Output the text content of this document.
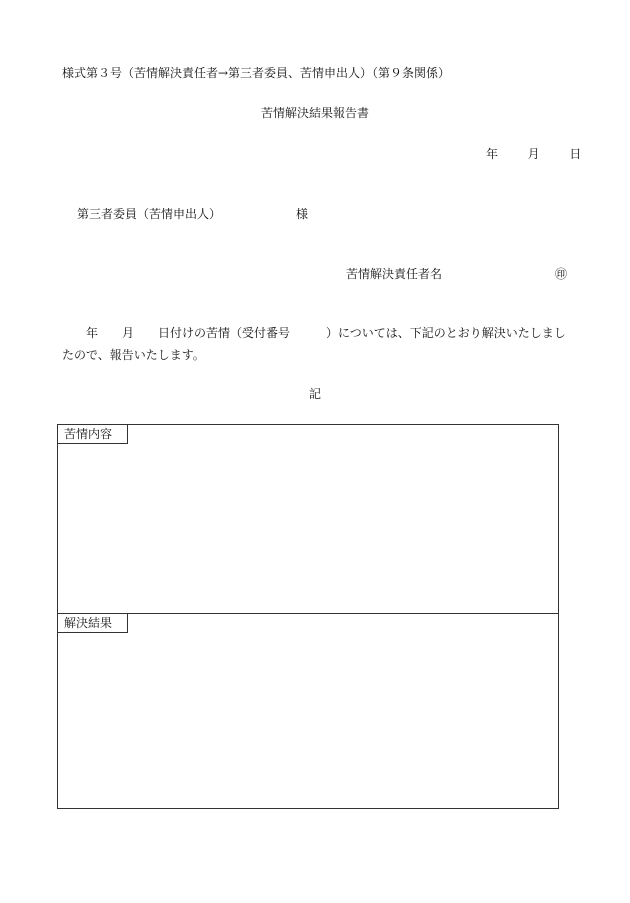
様式第３号（苦情解決責任者→第三者委員、苦情申出人）（第９条関係）
苦情解決結果報告書
年 月 日
第三者委員（苦情申出人）	様
苦情解決責任者名	㊞
年　　月　　日付けの苦情（受付番号　　　）については、下記のとおり解決いたしまし
たので、報告いたします。
記
苦情内容
解決結果
